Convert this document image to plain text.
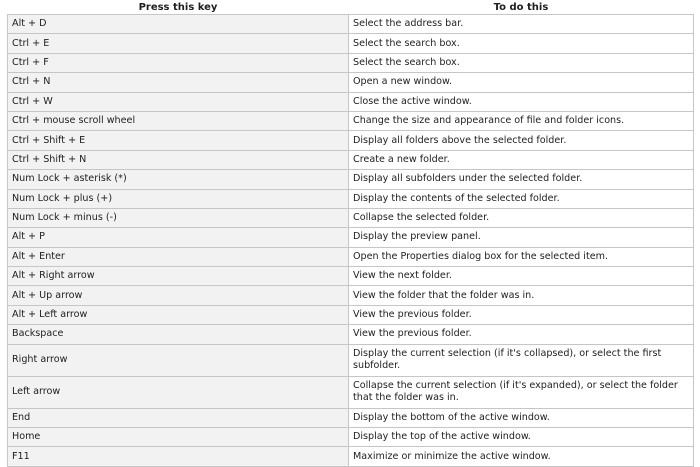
Press this key	To do this
Alt + D	Select the address bar.
Ctrl + E	Select the search box.
Ctrl + F	Select the search box.
Ctrl + N	Open a new window.
Ctrl + W	Close the active window.
Ctrl + mouse scroll wheel	Change the size and appearance of file and folder icons.
Ctrl + Shift + E	Display all folders above the selected folder.
Ctrl + Shift + N	Create a new folder.
Num Lock + asterisk (*)	Display all subfolders under the selected folder.
Num Lock + plus (+)	Display the contents of the selected folder.
Num Lock + minus (-)	Collapse the selected folder.
Alt + P	Display the preview panel.
Alt + Enter	Open the Properties dialog box for the selected item.
Alt + Right arrow	View the next folder.
Alt + Up arrow	View the folder that the folder was in.
Alt + Left arrow	View the previous folder.
Backspace	View the previous folder.
Right arrow	Display the current selection (if it's collapsed), or select the first subfolder.
Left arrow	Collapse the current selection (if it's expanded), or select the folder that the folder was in.
End	Display the bottom of the active window.
Home	Display the top of the active window.
F11	Maximize or minimize the active window.
